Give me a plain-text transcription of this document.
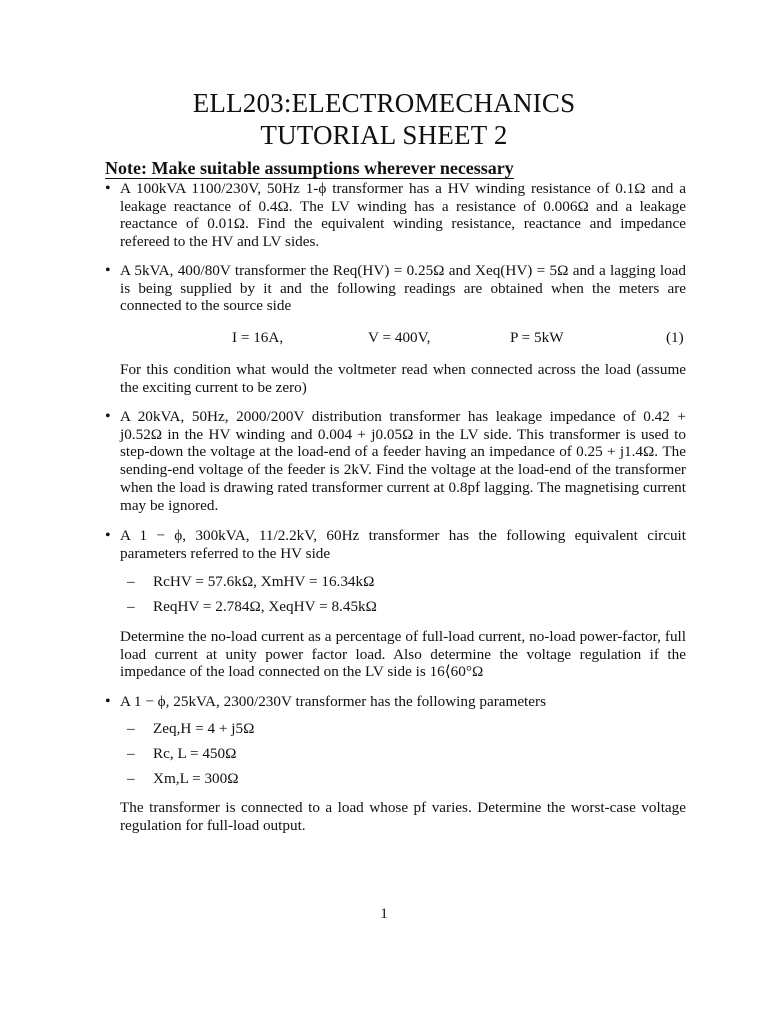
ELL203:ELECTROMECHANICS
TUTORIAL SHEET 2
Note: Make suitable assumptions wherever necessary
• A 100kVA 1100/230V, 50Hz 1-ϕ transformer has a HV winding resistance of 0.1Ω and a leakage reactance of 0.4Ω. The LV winding has a resistance of 0.006Ω and a leakage reactance of 0.01Ω. Find the equivalent winding resistance, reactance and impedance refereed to the HV and LV sides.

• A 5kVA, 400/80V transformer the Req(HV) = 0.25Ω and Xeq(HV) = 5Ω and a lagging load is being supplied by it and the following readings are obtained when the meters are connected to the source side

I = 16A,	V = 400V,	P = 5kW	(1)

For this condition what would the voltmeter read when connected across the load (assume the exciting current to be zero)

• A 20kVA, 50Hz, 2000/200V distribution transformer has leakage impedance of 0.42 + j0.52Ω in the HV winding and 0.004 + j0.05Ω in the LV side. This transformer is used to step-down the voltage at the load-end of a feeder having an impedance of 0.25 + j1.4Ω. The sending-end voltage of the feeder is 2kV. Find the voltage at the load-end of the transformer when the load is drawing rated transformer current at 0.8pf lagging. The magnetising current may be ignored.

• A 1 − ϕ, 300kVA, 11/2.2kV, 60Hz transformer has the following equivalent circuit parameters referred to the HV side

– RcHV = 57.6kΩ, XmHV = 16.34kΩ
– ReqHV = 2.784Ω, XeqHV = 8.45kΩ

Determine the no-load current as a percentage of full-load current, no-load power-factor, full load current at unity power factor load. Also determine the voltage regulation if the impedance of the load connected on the LV side is 16⟨60°Ω

• A 1 − ϕ, 25kVA, 2300/230V transformer has the following parameters

– Zeq,H = 4 + j5Ω
– Rc, L = 450Ω
– Xm,L = 300Ω

The transformer is connected to a load whose pf varies. Determine the worst-case voltage regulation for full-load output.

1
